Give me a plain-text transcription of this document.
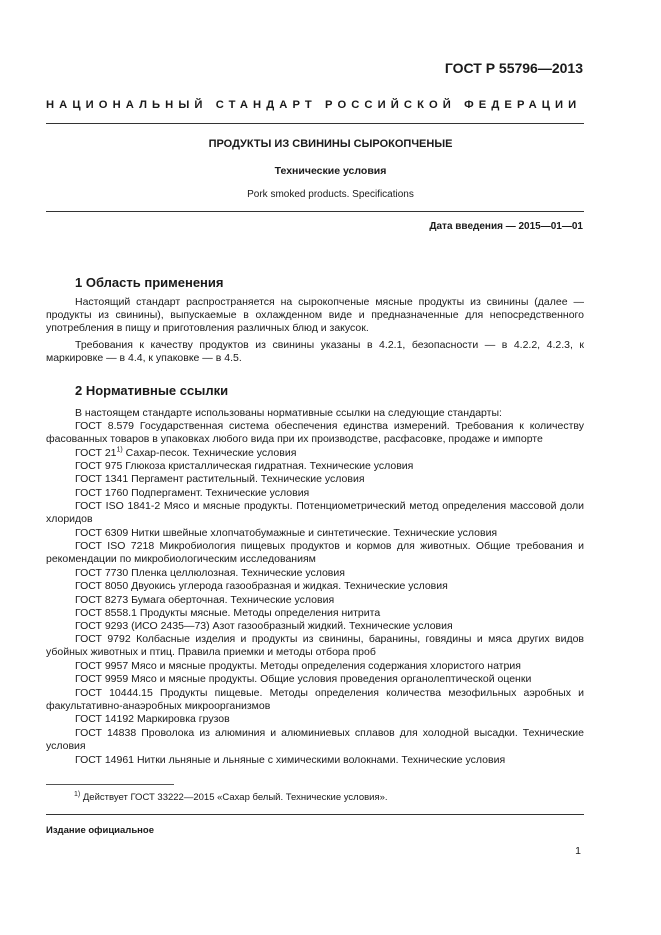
ГОСТ Р 55796—2013
НАЦИОНАЛЬНЫЙ СТАНДАРТ РОССИЙСКОЙ ФЕДЕРАЦИИ
ПРОДУКТЫ ИЗ СВИНИНЫ СЫРОКОПЧЕНЫЕ
Технические условия
Pork smoked products. Specifications
Дата введения — 2015—01—01
1 Область применения
Настоящий стандарт распространяется на сырокопченые мясные продукты из свинины (далее — продукты из свинины), выпускаемые в охлажденном виде и предназначенные для непосредственного употребления в пищу и приготовления различных блюд и закусок.
Требования к качеству продуктов из свинины указаны в 4.2.1, безопасности — в 4.2.2, 4.2.3, к маркировке — в 4.4, к упаковке — в 4.5.
2 Нормативные ссылки
В настоящем стандарте использованы нормативные ссылки на следующие стандарты:
ГОСТ 8.579 Государственная система обеспечения единства измерений. Требования к количеству фасованных товаров в упаковках любого вида при их производстве, расфасовке, продаже и импорте
ГОСТ 21$^{1)}$ Сахар-песок. Технические условия
ГОСТ 975 Глюкоза кристаллическая гидратная. Технические условия
ГОСТ 1341 Пергамент растительный. Технические условия
ГОСТ 1760 Подпергамент. Технические условия
ГОСТ ISO 1841-2 Мясо и мясные продукты. Потенциометрический метод определения массовой доли хлоридов
ГОСТ 6309 Нитки швейные хлопчатобумажные и синтетические. Технические условия
ГОСТ ISO 7218 Микробиология пищевых продуктов и кормов для животных. Общие требования и рекомендации по микробиологическим исследованиям
ГОСТ 7730 Пленка целлюлозная. Технические условия
ГОСТ 8050 Двуокись углерода газообразная и жидкая. Технические условия
ГОСТ 8273 Бумага оберточная. Технические условия
ГОСТ 8558.1 Продукты мясные. Методы определения нитрита
ГОСТ 9293 (ИСО 2435—73) Азот газообразный жидкий. Технические условия
ГОСТ 9792 Колбасные изделия и продукты из свинины, баранины, говядины и мяса других видов убойных животных и птиц. Правила приемки и методы отбора проб
ГОСТ 9957 Мясо и мясные продукты. Методы определения содержания хлористого натрия
ГОСТ 9959 Мясо и мясные продукты. Общие условия проведения органолептической оценки
ГОСТ 10444.15 Продукты пищевые. Методы определения количества мезофильных аэробных и факультативно-анаэробных микроорганизмов
ГОСТ 14192 Маркировка грузов
ГОСТ 14838 Проволока из алюминия и алюминиевых сплавов для холодной высадки. Технические условия
ГОСТ 14961 Нитки льняные и льняные с химическими волокнами. Технические условия
$^{1)}$ Действует ГОСТ 33222—2015 «Сахар белый. Технические условия».
Издание официальное
1
